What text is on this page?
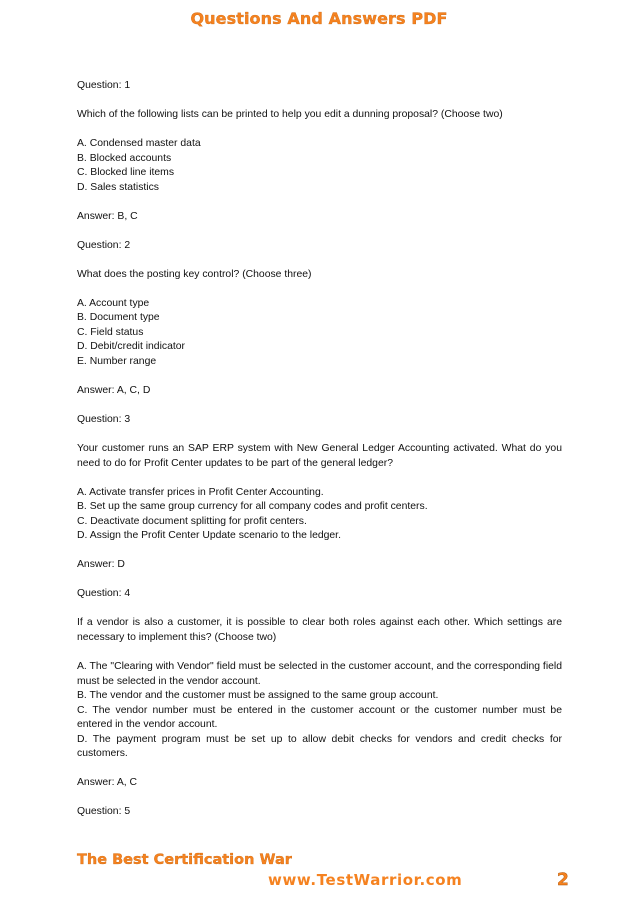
Questions And Answers PDF
Question: 1
Which of the following lists can be printed to help you edit a dunning proposal? (Choose two)
A. Condensed master data
B. Blocked accounts
C. Blocked line items
D. Sales statistics
Answer: B, C
Question: 2
What does the posting key control? (Choose three)
A. Account type
B. Document type
C. Field status
D. Debit/credit indicator
E. Number range
Answer: A, C, D
Question: 3
Your customer runs an SAP ERP system with New General Ledger Accounting activated. What do you need to do for Profit Center updates to be part of the general ledger?
A. Activate transfer prices in Profit Center Accounting.
B. Set up the same group currency for all company codes and profit centers.
C. Deactivate document splitting for profit centers.
D. Assign the Profit Center Update scenario to the ledger.
Answer: D
Question: 4
If a vendor is also a customer, it is possible to clear both roles against each other. Which settings are necessary to implement this? (Choose two)
A. The "Clearing with Vendor" field must be selected in the customer account, and the corresponding field must be selected in the vendor account.
B. The vendor and the customer must be assigned to the same group account.
C. The vendor number must be entered in the customer account or the customer number must be entered in the vendor account.
D. The payment program must be set up to allow debit checks for vendors and credit checks for customers.
Answer: A, C
Question: 5
The Best Certification War
www.TestWarrior.com	2
